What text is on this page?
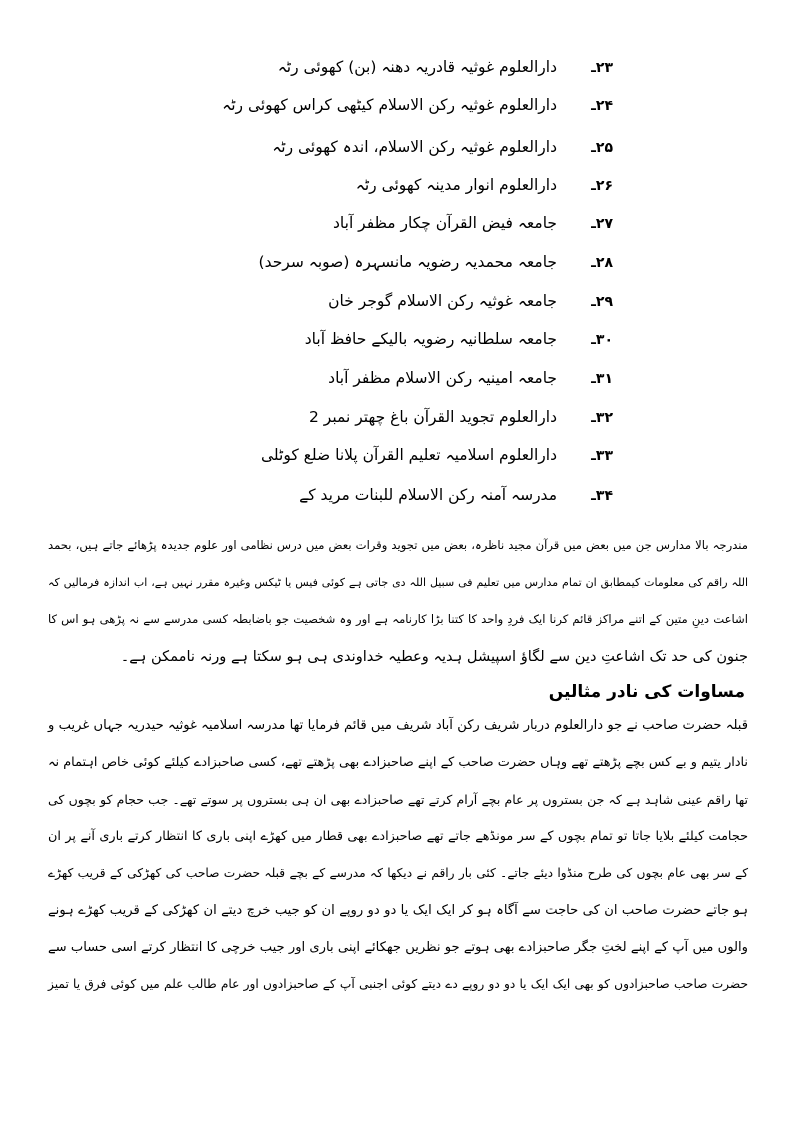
۲۳ـ
دارالعلوم غوثیہ قادریہ دھنہ (بن) کھوئی رٹہ
۲۴ـ
دارالعلوم غوثیہ رکن الاسلام کیٹھی کراس کھوئی رٹہ
۲۵ـ
دارالعلوم غوثیہ رکن الاسلام، اندہ کھوئی رٹہ
۲۶ـ
دارالعلوم انوار مدینہ کھوئی رٹہ
۲۷ـ
جامعہ فیض القرآن چکار مظفر آباد
۲۸ـ
جامعہ محمدیہ رضویہ مانسہرہ (صوبہ سرحد)
۲۹ـ
جامعہ غوثیہ رکن الاسلام گوجر خان
۳۰ـ
جامعہ سلطانیہ رضویہ بالیکے حافظ آباد
۳۱ـ
جامعہ امینیہ رکن الاسلام مظفر آباد
۳۲ـ
دارالعلوم تجوید القرآن باغ چھتر نمبر 2
۳۳ـ
دارالعلوم اسلامیہ تعلیم القرآن پلانا ضلع کوٹلی
۳۴ـ
مدرسہ آمنہ رکن الاسلام للبنات مرید کے
مندرجہ بالا مدارس جن میں بعض میں قرآن مجید ناظرہ، بعض میں تجوید وقرات بعض میں درس نظامی اور علوم جدیدہ پڑھائے جاتے ہیں، بحمد
اللہ راقم کی معلومات کیمطابق ان تمام مدارس میں تعلیم فی سبیل اللہ دی جاتی ہے کوئی فیس یا ٹیکس وغیرہ مقرر نہیں ہے، اب اندازہ فرمالیں کہ
اشاعت دینِ متین کے اتنے مراکز قائم کرنا ایک فردِ واحد کا کتنا بڑا کارنامہ ہے اور وہ شخصیت جو باضابطہ کسی مدرسے سے نہ پڑھی ہو اس کا
جنون کی حد تک اشاعتِ دین سے لگاؤ اسپیشل ہدیہ وعطیہ خداوندی ہی ہو سکتا ہے ورنہ ناممکن ہے۔
مساوات کی نادر مثالیں
قبلہ حضرت صاحب نے جو دارالعلوم دربار شریف رکن آباد شریف میں قائم فرمایا تھا مدرسہ اسلامیہ غوثیہ حیدریہ جہاں غریب و
نادار یتیم و بے کس بچے پڑھتے تھے وہاں حضرت صاحب کے اپنے صاحبزادے بھی پڑھتے تھے، کسی صاحبزادے کیلئے کوئی خاص اہتمام نہ
تھا راقم عینی شاہد ہے کہ جن بستروں پر عام بچے آرام کرتے تھے صاحبزادے بھی ان ہی بستروں پر سوتے تھے۔ جب حجام کو بچوں کی
حجامت کیلئے بلایا جاتا تو تمام بچوں کے سر مونڈھے جاتے تھے صاحبزادے بھی قطار میں کھڑے اپنی باری کا انتظار کرتے باری آنے پر ان
کے سر بھی عام بچوں کی طرح منڈوا دیئے جاتے۔ کئی بار راقم نے دیکھا کہ مدرسے کے بچے قبلہ حضرت صاحب کی کھڑکی کے قریب کھڑے
ہو جاتے حضرت صاحب ان کی حاجت سے آگاہ ہو کر ایک ایک یا دو دو روپے ان کو جیب خرچ دیتے ان کھڑکی کے قریب کھڑے ہونے
والوں میں آپ کے اپنے لختِ جگر صاحبزادے بھی ہوتے جو نظریں جھکائے اپنی باری اور جیب خرچی کا انتظار کرتے اسی حساب سے
حضرت صاحب صاحبزادوں کو بھی ایک ایک یا دو دو روپے دے دیتے کوئی اجنبی آپ کے صاحبزادوں اور عام طالب علم میں کوئی فرق یا تمیز
